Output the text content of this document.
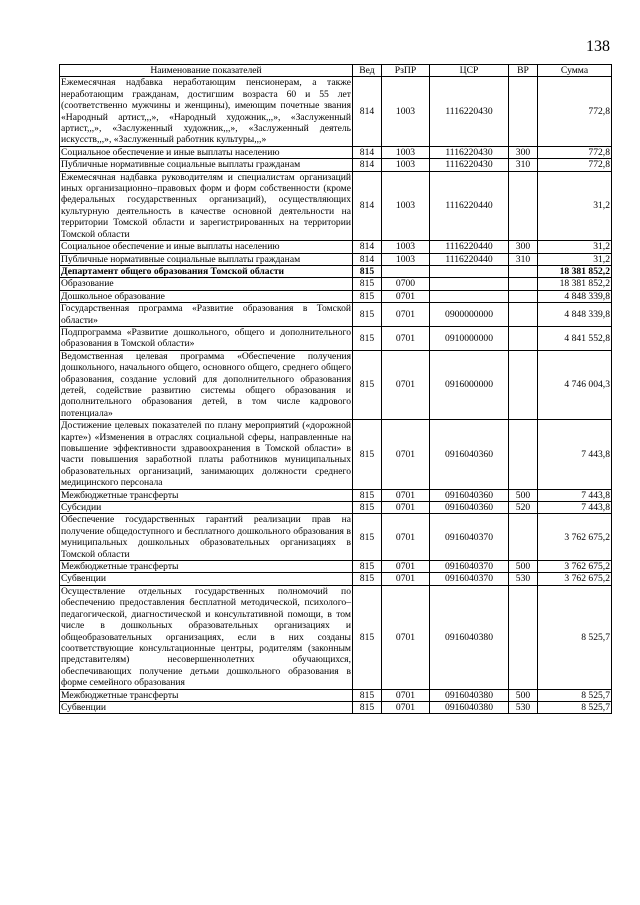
138
Наименование показателей	Вед	РзПР	ЦСР	ВР	Сумма
Ежемесячная надбавка неработающим пенсионерам, а также неработающим гражданам, достигшим возраста 60 и 55 лет (соответственно мужчины и женщины), имеющим почетные звания «Народный артист,,,», «Народный художник,,,», «Заслуженный артист,,,», «Заслуженный художник,,,», «Заслуженный деятель искусств,,,», «Заслуженный работник культуры,,,»	814	1003	1116220430		772,8
Социальное обеспечение и иные выплаты населению	814	1003	1116220430	300	772,8
Публичные нормативные социальные выплаты гражданам	814	1003	1116220430	310	772,8
Ежемесячная надбавка руководителям и специалистам организаций иных организационно–правовых форм и форм собственности (кроме федеральных государственных организаций), осуществляющих культурную деятельность в качестве основной деятельности на территории Томской области и зарегистрированных на территории Томской области	814	1003	1116220440		31,2
Социальное обеспечение и иные выплаты населению	814	1003	1116220440	300	31,2
Публичные нормативные социальные выплаты гражданам	814	1003	1116220440	310	31,2
Департамент общего образования Томской области	815				18 381 852,2
Образование	815	0700			18 381 852,2
Дошкольное образование	815	0701			4 848 339,8
Государственная программа «Развитие образования в Томской области»	815	0701	0900000000		4 848 339,8
Подпрограмма «Развитие дошкольного, общего и дополнительного образования в Томской области»	815	0701	0910000000		4 841 552,8
Ведомственная целевая программа «Обеспечение получения дошкольного, начального общего, основного общего, среднего общего образования, создание условий для дополнительного образования детей, содействие развитию системы общего образования и дополнительного образования детей, в том числе кадрового потенциала»	815	0701	0916000000		4 746 004,3
Достижение целевых показателей по плану мероприятий («дорожной карте») «Изменения в отраслях социальной сферы, направленные на повышение эффективности здравоохранения в Томской области» в части повышения заработной платы работников муниципальных образовательных организаций, занимающих должности среднего медицинского персонала	815	0701	0916040360		7 443,8
Межбюджетные трансферты	815	0701	0916040360	500	7 443,8
Субсидии	815	0701	0916040360	520	7 443,8
Обеспечение государственных гарантий реализации прав на получение общедоступного и бесплатного дошкольного образования в муниципальных дошкольных образовательных организациях в Томской области	815	0701	0916040370		3 762 675,2
Межбюджетные трансферты	815	0701	0916040370	500	3 762 675,2
Субвенции	815	0701	0916040370	530	3 762 675,2
Осуществление отдельных государственных полномочий по обеспечению предоставления бесплатной методической, психолого–педагогической, диагностической и консультативной помощи, в том числе в дошкольных образовательных организациях и общеобразовательных организациях, если в них созданы соответствующие консультационные центры, родителям (законным представителям) несовершеннолетних обучающихся, обеспечивающих получение детьми дошкольного образования в форме семейного образования	815	0701	0916040380		8 525,7
Межбюджетные трансферты	815	0701	0916040380	500	8 525,7
Субвенции	815	0701	0916040380	530	8 525,7
